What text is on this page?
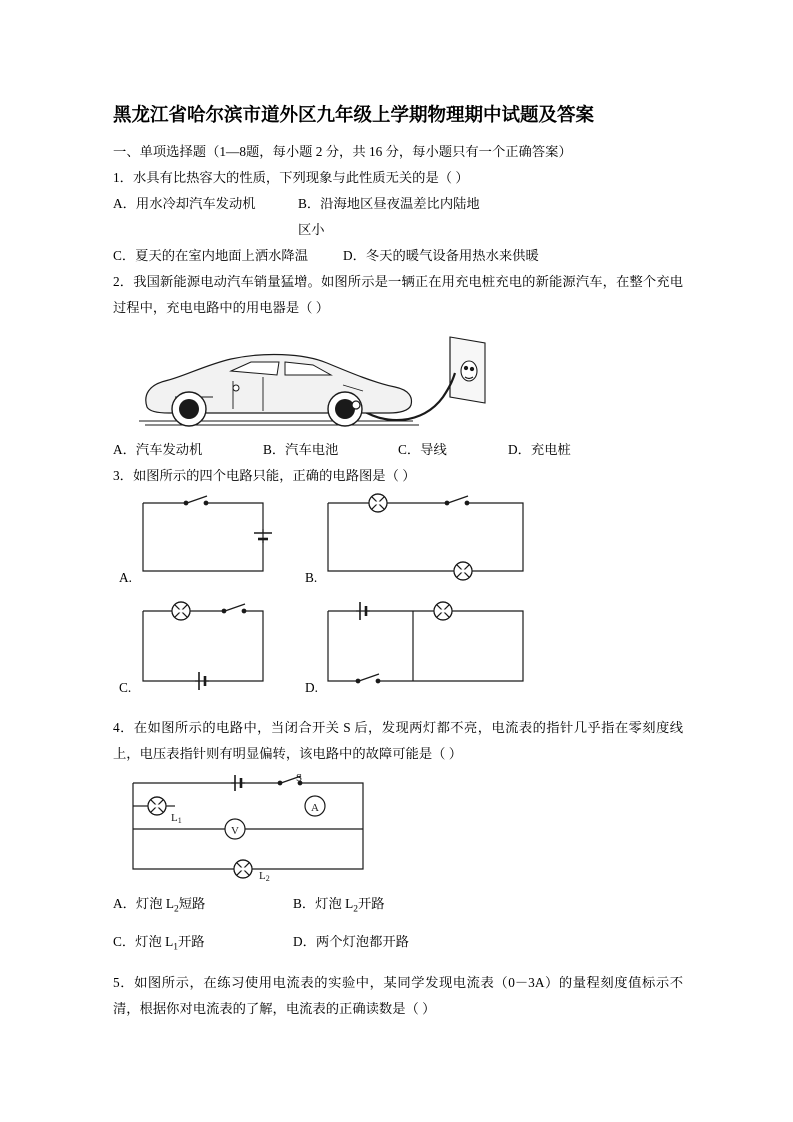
黑龙江省哈尔滨市道外区九年级上学期物理期中试题及答案
一、单项选择题（1—8题，每小题 2 分，共 16 分，每小题只有一个正确答案）
1．水具有比热容大的性质，下列现象与此性质无关的是（ ）
A．用水冷却汽车发动机	B．沿海地区昼夜温差比内陆地区小
C．夏天的在室内地面上洒水降温	D．冬天的暖气设备用热水来供暖
2．我国新能源电动汽车销量猛增。如图所示是一辆正在用充电桩充电的新能源汽车，在整个充电过程中，充电电路中的用电器是（ ）
A．汽车发动机	B．汽车电池	C．导线	D．充电桩
3．如图所示的四个电路只能，正确的电路图是（ ）
A.	B.
C.	D.
4．在如图所示的电路中，当闭合开关 S 后，发现两灯都不亮，电流表的指针几乎指在零刻度线上，电压表指针则有明显偏转，该电路中的故障可能是（ ）
A
V
S
L1
L2
A．灯泡 $L_2$短路	B．灯泡 $L_2$开路
C．灯泡 $L_1$开路	D．两个灯泡都开路
5．如图所示，在练习使用电流表的实验中，某同学发现电流表（0－3A）的量程刻度值标示不清，根据你对电流表的了解，电流表的正确读数是（ ）
